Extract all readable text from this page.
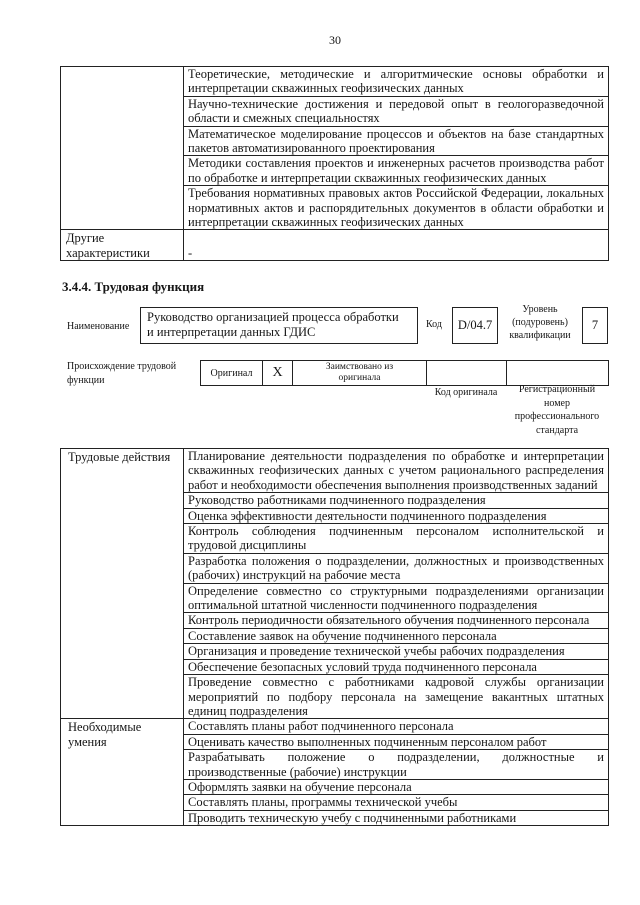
30
	Теоретические, методические и алгоритмические основы обработки и интерпретации скважинных геофизических данных
	Научно-технические достижения и передовой опыт в геологоразведочной области и смежных специальностях
	Математическое моделирование процессов и объектов на базе стандартных пакетов автоматизированного проектирования
	Методики составления проектов и инженерных расчетов производства работ по обработке и интерпретации скважинных геофизических данных
	Требования нормативных правовых актов Российской Федерации, локальных нормативных актов и распорядительных документов в области обработки и интерпретации скважинных геофизических данных
Другие характеристики	-
3.4.4. Трудовая функция
Наименование
Руководство организацией процесса обработки и интерпретации данных ГДИС
Код D/04.7
Уровень (подуровень) квалификации
7
Происхождение трудовой функции
Оригинал	X	Заимствовано из оригинала

Код оригинала	Регистрационный номер профессионального стандарта
Трудовые действия	Планирование деятельности подразделения по обработке и интерпретации скважинных геофизических данных с учетом рационального распределения работ и необходимости обеспечения выполнения производственных заданий
	Руководство работниками подчиненного подразделения
	Оценка эффективности деятельности подчиненного подразделения
	Контроль соблюдения подчиненным персоналом исполнительской и трудовой дисциплины
	Разработка положения о подразделении, должностных и производственных (рабочих) инструкций на рабочие места
	Определение совместно со структурными подразделениями организации оптимальной штатной численности подчиненного подразделения
	Контроль периодичности обязательного обучения подчиненного персонала
	Составление заявок на обучение подчиненного персонала
	Организация и проведение технической учебы рабочих подразделения
	Обеспечение безопасных условий труда подчиненного персонала
	Проведение совместно с работниками кадровой службы организации мероприятий по подбору персонала на замещение вакантных штатных единиц подразделения
Необходимые умения	Составлять планы работ подчиненного персонала
	Оценивать качество выполненных подчиненным персоналом работ
	Разрабатывать положение о подразделении, должностные и производственные (рабочие) инструкции
	Оформлять заявки на обучение персонала
	Составлять планы, программы технической учебы
	Проводить техническую учебу с подчиненными работниками
